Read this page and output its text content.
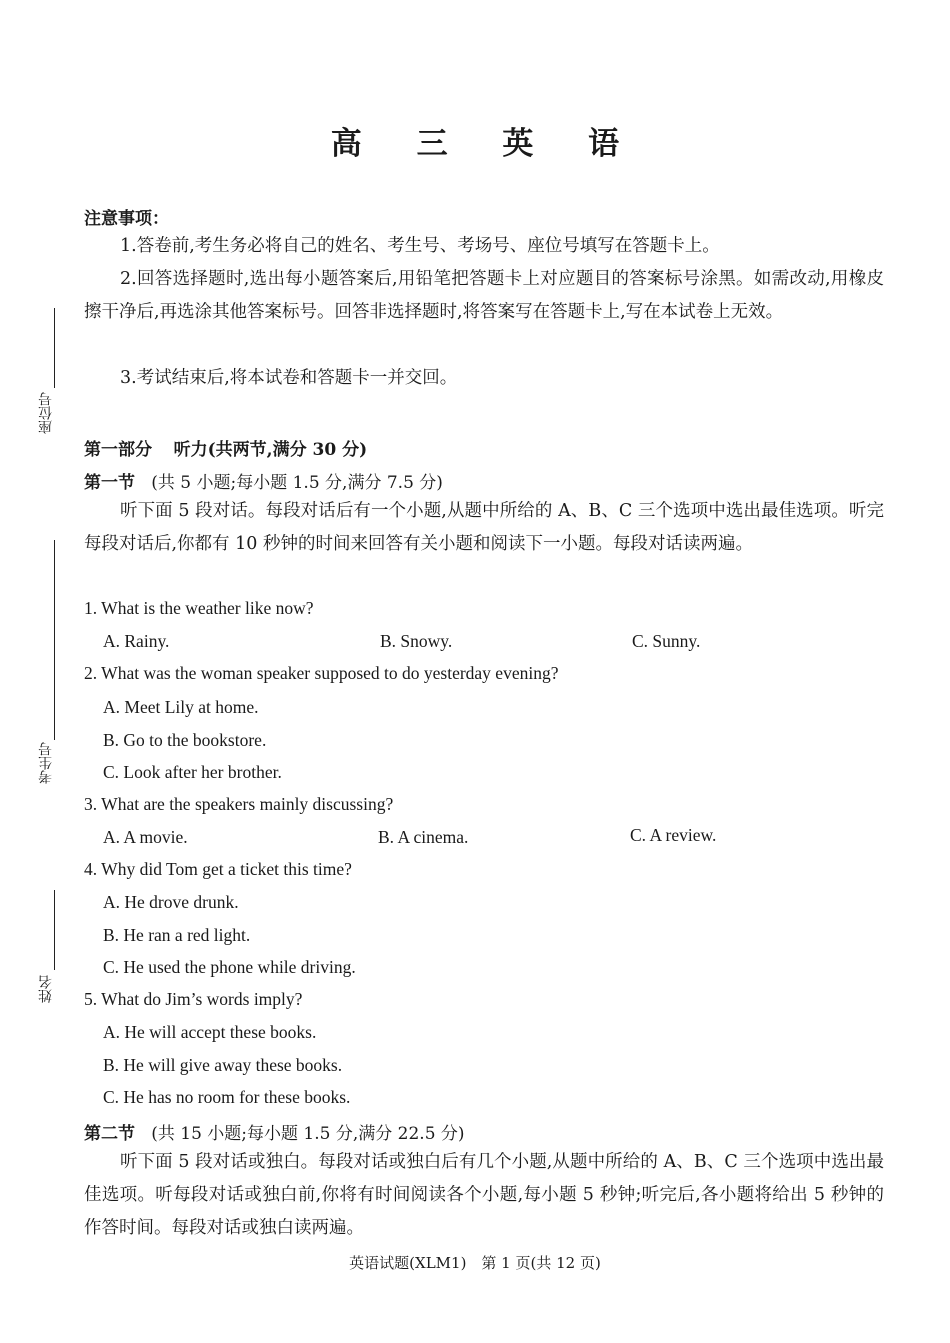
高 三 英 语
注意事项：
1.答卷前,考生务必将自己的姓名、考生号、考场号、座位号填写在答题卡上。
2.回答选择题时,选出每小题答案后,用铅笔把答题卡上对应题目的答案标号涂黑。如需改动,用橡皮擦干净后,再选涂其他答案标号。回答非选择题时,将答案写在答题卡上,写在本试卷上无效。
3.考试结束后,将本试卷和答题卡一并交回。
座位号
考生号
姓名
第一部分 听力(共两节,满分 30 分)
第一节 (共 5 小题;每小题 1.5 分,满分 7.5 分)
听下面 5 段对话。每段对话后有一个小题,从题中所给的 A、B、C 三个选项中选出最佳选项。听完每段对话后,你都有 10 秒钟的时间来回答有关小题和阅读下一小题。每段对话读两遍。
1. What is the weather like now?
A. Rainy.	B. Snowy.	C. Sunny.
2. What was the woman speaker supposed to do yesterday evening?
A. Meet Lily at home.
B. Go to the bookstore.
C. Look after her brother.
3. What are the speakers mainly discussing?
A. A movie.	B. A cinema.	C. A review.
4. Why did Tom get a ticket this time?
A. He drove drunk.
B. He ran a red light.
C. He used the phone while driving.
5. What do Jim’s words imply?
A. He will accept these books.
B. He will give away these books.
C. He has no room for these books.
第二节 (共 15 小题;每小题 1.5 分,满分 22.5 分)
听下面 5 段对话或独白。每段对话或独白后有几个小题,从题中所给的 A、B、C 三个选项中选出最佳选项。听每段对话或独白前,你将有时间阅读各个小题,每小题 5 秒钟;听完后,各小题将给出 5 秒钟的作答时间。每段对话或独白读两遍。
英语试题(XLM1)　第 1 页(共 12 页)
